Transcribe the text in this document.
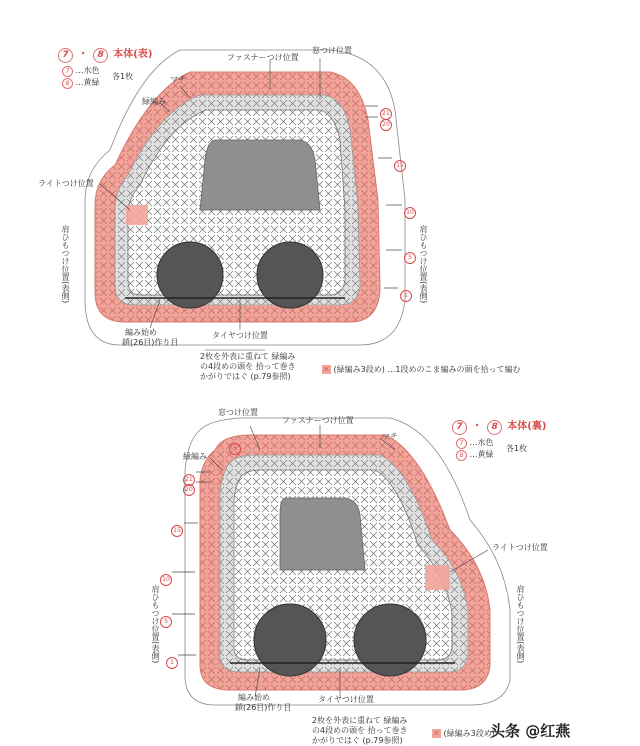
7 ・ 8 本体(表)
7 …水色
8 …黄緑
各1枚
ファスナーつけ位置
窓つけ位置
マチ
緑編み
ライトつけ位置
肩ひもつけ位置(表側)	肩ひもつけ位置(表側)
編み始め
鎖(26目)作り目
タイヤつけ位置
2枚を外表に重ねて 緑編みの4段めの頭を 拾って巻きかがりではぐ (p.79参照)
✕ (緑編み3段め) …1段めのこま編みの頭を拾って編む
21
20
15
10
5
1
7 ・ 8 本体(裏)
7 …水色
8 …黄緑
各1枚
ファスナーつけ位置
窓つけ位置
マチ
緑編み
ライトつけ位置
肩ひもつけ位置(表側)	肩ひもつけ位置(表側)
編み始め
鎖(26目)作り目
タイヤつけ位置
2枚を外表に重ねて 緑編みの4段めの頭を 拾って巻きかがりではぐ (p.79参照)
✕ (緑編み3段め)
5
21
20
15
10
5
1
头条 @红燕
